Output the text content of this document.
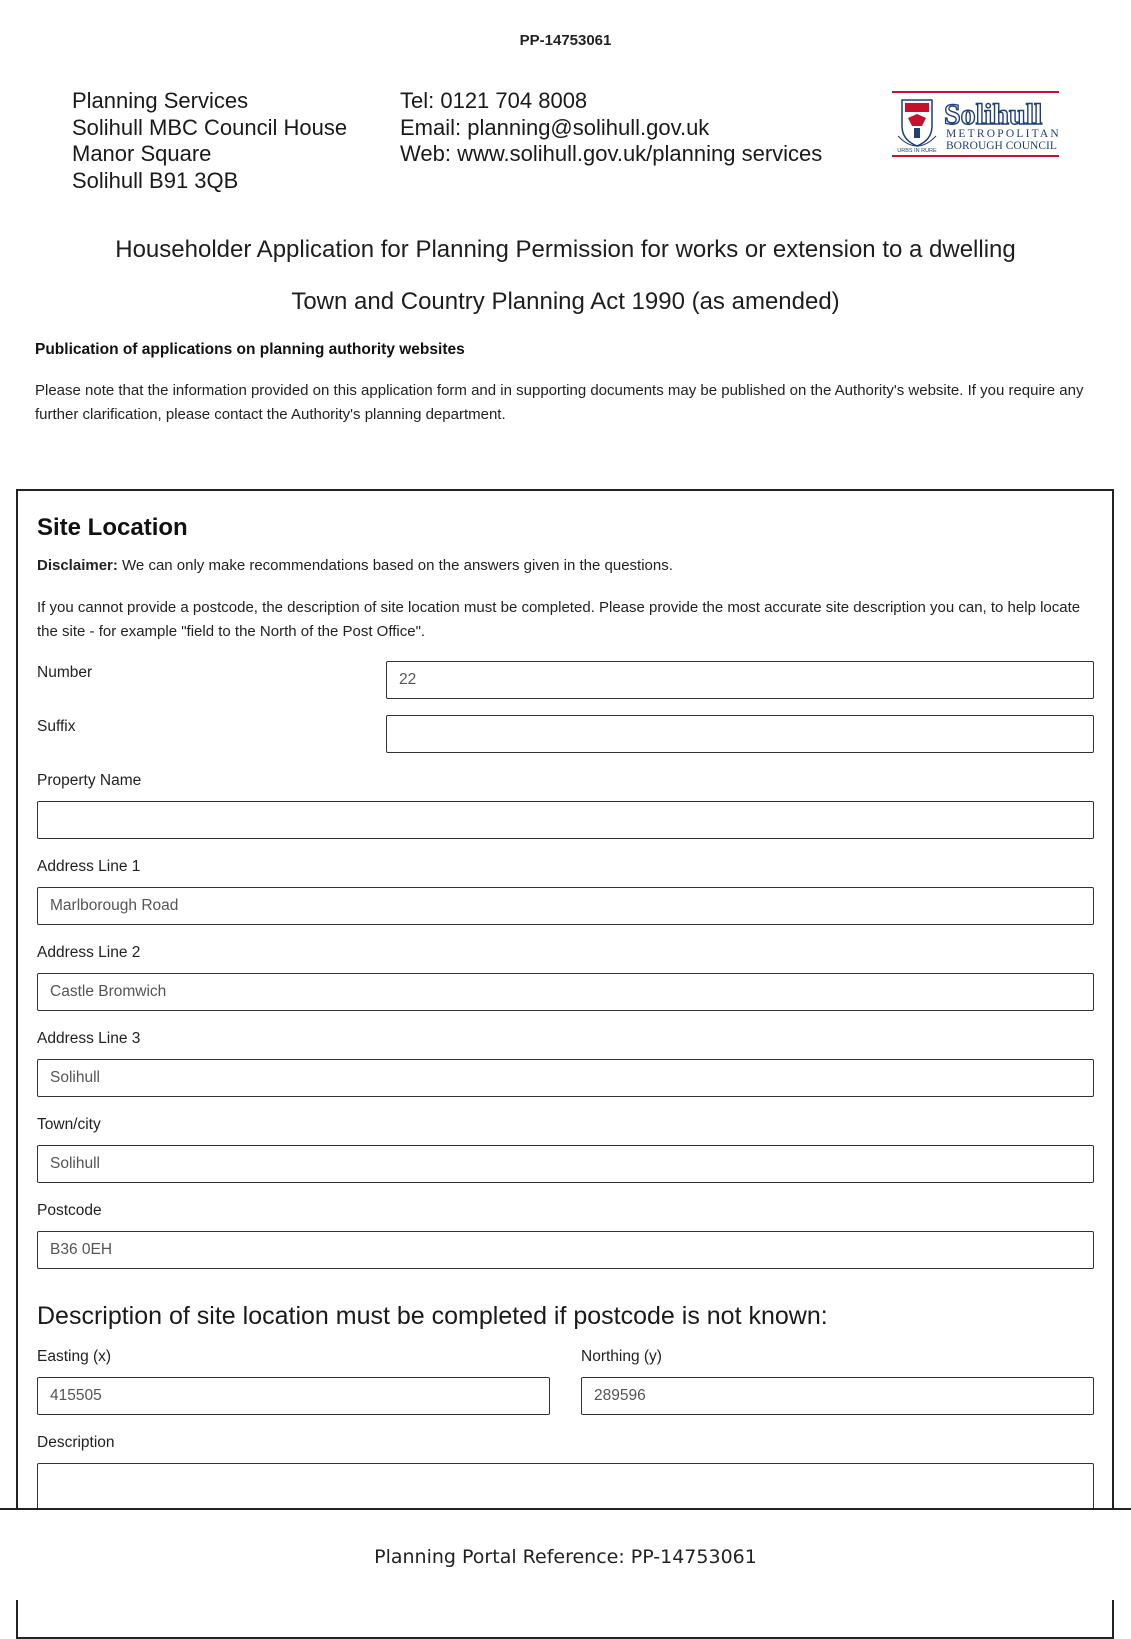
PP-14753061
Planning Services
Solihull MBC Council House
Manor Square
Solihull B91 3QB
Tel: 0121 704 8008
Email: planning@solihull.gov.uk
Web: www.solihull.gov.uk/planning services	URBS IN RURE
Solihull
METROPOLITAN
BOROUGH COUNCIL
Householder Application for Planning Permission for works or extension to a dwelling
Town and Country Planning Act 1990 (as amended)
Publication of applications on planning authority websites
Please note that the information provided on this application form and in supporting documents may be published on the Authority's website. If you require any further clarification, please contact the Authority's planning department.
Site Location
Disclaimer: We can only make recommendations based on the answers given in the questions.
If you cannot provide a postcode, the description of site location must be completed. Please provide the most accurate site description you can, to help locate the site - for example "field to the North of the Post Office".
Number	22
Suffix
Property Name
Address Line 1
Marlborough Road
Address Line 2
Castle Bromwich
Address Line 3
Solihull
Town/city
Solihull
Postcode
B36 0EH
Description of site location must be completed if postcode is not known:
Easting (x)
415505
Northing (y)
289596
Description
Planning Portal Reference: PP-14753061
